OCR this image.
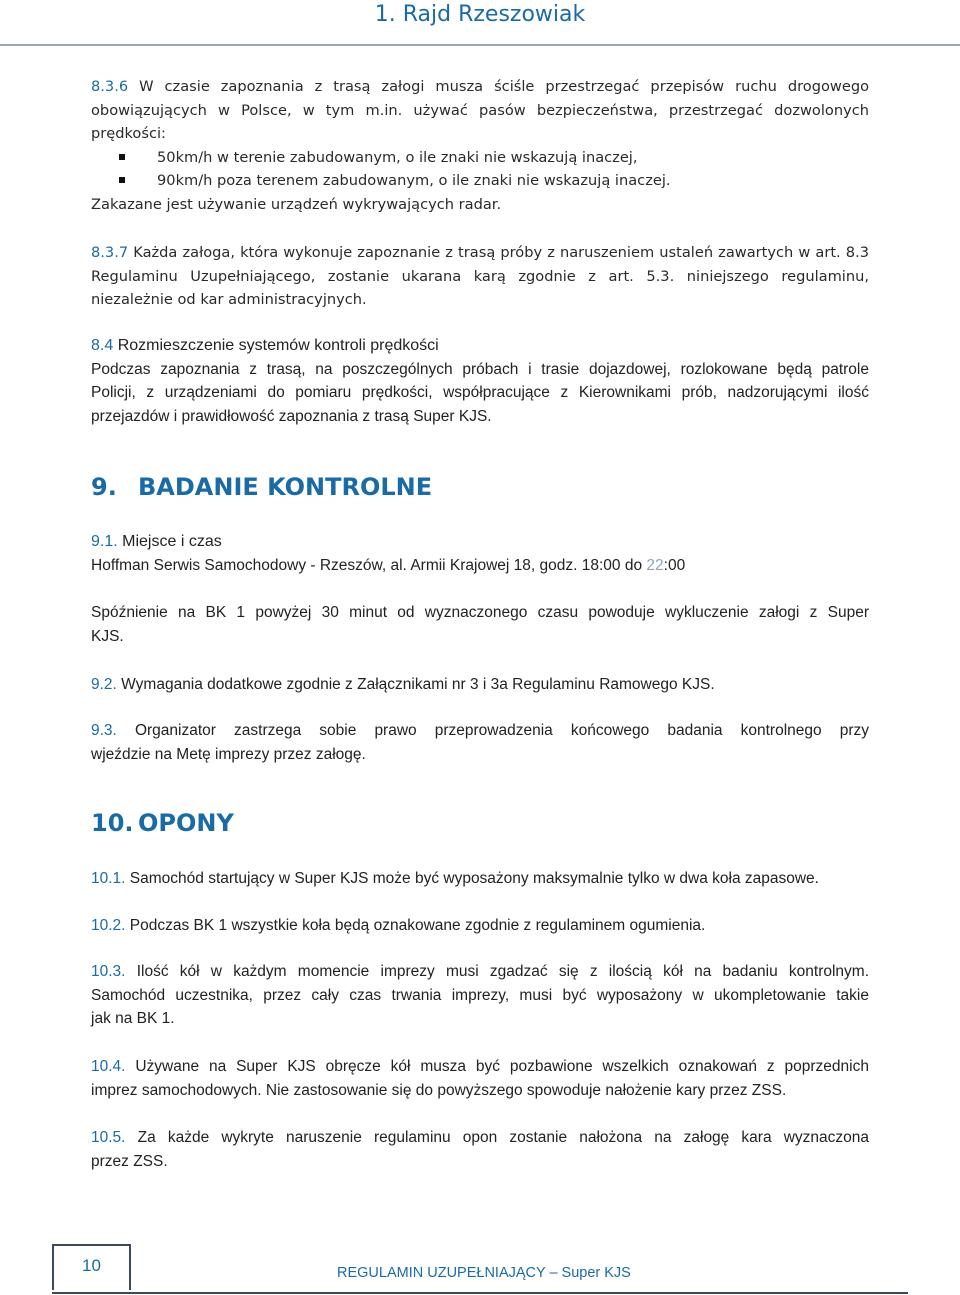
1. Rajd Rzeszowiak
8.3.6 W czasie zapoznania z trasą załogi musza ściśle przestrzegać przepisów ruchu drogowego
obowiązujących w Polsce, w tym m.in. używać pasów bezpieczeństwa, przestrzegać dozwolonych
prędkości:
50km/h w terenie zabudowanym, o ile znaki nie wskazują inaczej,
90km/h poza terenem zabudowanym, o ile znaki nie wskazują inaczej.
Zakazane jest używanie urządzeń wykrywających radar.
8.3.7 Każda załoga, która wykonuje zapoznanie z trasą próby z naruszeniem ustaleń zawartych w art. 8.3
Regulaminu Uzupełniającego, zostanie ukarana karą zgodnie z art. 5.3. niniejszego regulaminu,
niezależnie od kar administracyjnych.
8.4 Rozmieszczenie systemów kontroli prędkości
Podczas zapoznania z trasą, na poszczególnych próbach i trasie dojazdowej, rozlokowane będą patrole
Policji, z urządzeniami do pomiaru prędkości, współpracujące z Kierownikami prób, nadzorującymi ilość
przejazdów i prawidłowość zapoznania z trasą Super KJS.
9. BADANIE KONTROLNE
9.1. Miejsce i czas
Hoffman Serwis Samochodowy - Rzeszów, al. Armii Krajowej 18, godz. 18:00 do 22:00
Spóźnienie na BK 1 powyżej 30 minut od wyznaczonego czasu powoduje wykluczenie załogi z Super
KJS.
9.2. Wymagania dodatkowe zgodnie z Załącznikami nr 3 i 3a Regulaminu Ramowego KJS.
9.3. Organizator zastrzega sobie prawo przeprowadzenia końcowego badania kontrolnego przy
wjeździe na Metę imprezy przez załogę.
10. OPONY
10.1. Samochód startujący w Super KJS może być wyposażony maksymalnie tylko w dwa koła zapasowe.
10.2. Podczas BK 1 wszystkie koła będą oznakowane zgodnie z regulaminem ogumienia.
10.3. Ilość kół w każdym momencie imprezy musi zgadzać się z ilością kół na badaniu kontrolnym.
Samochód uczestnika, przez cały czas trwania imprezy, musi być wyposażony w ukompletowanie takie
jak na BK 1.
10.4. Używane na Super KJS obręcze kół musza być pozbawione wszelkich oznakowań z poprzednich
imprez samochodowych. Nie zastosowanie się do powyższego spowoduje nałożenie kary przez ZSS.
10.5. Za każde wykryte naruszenie regulaminu opon zostanie nałożona na załogę kara wyznaczona
przez ZSS.
10	REGULAMIN UZUPEŁNIAJĄCY – Super KJS
